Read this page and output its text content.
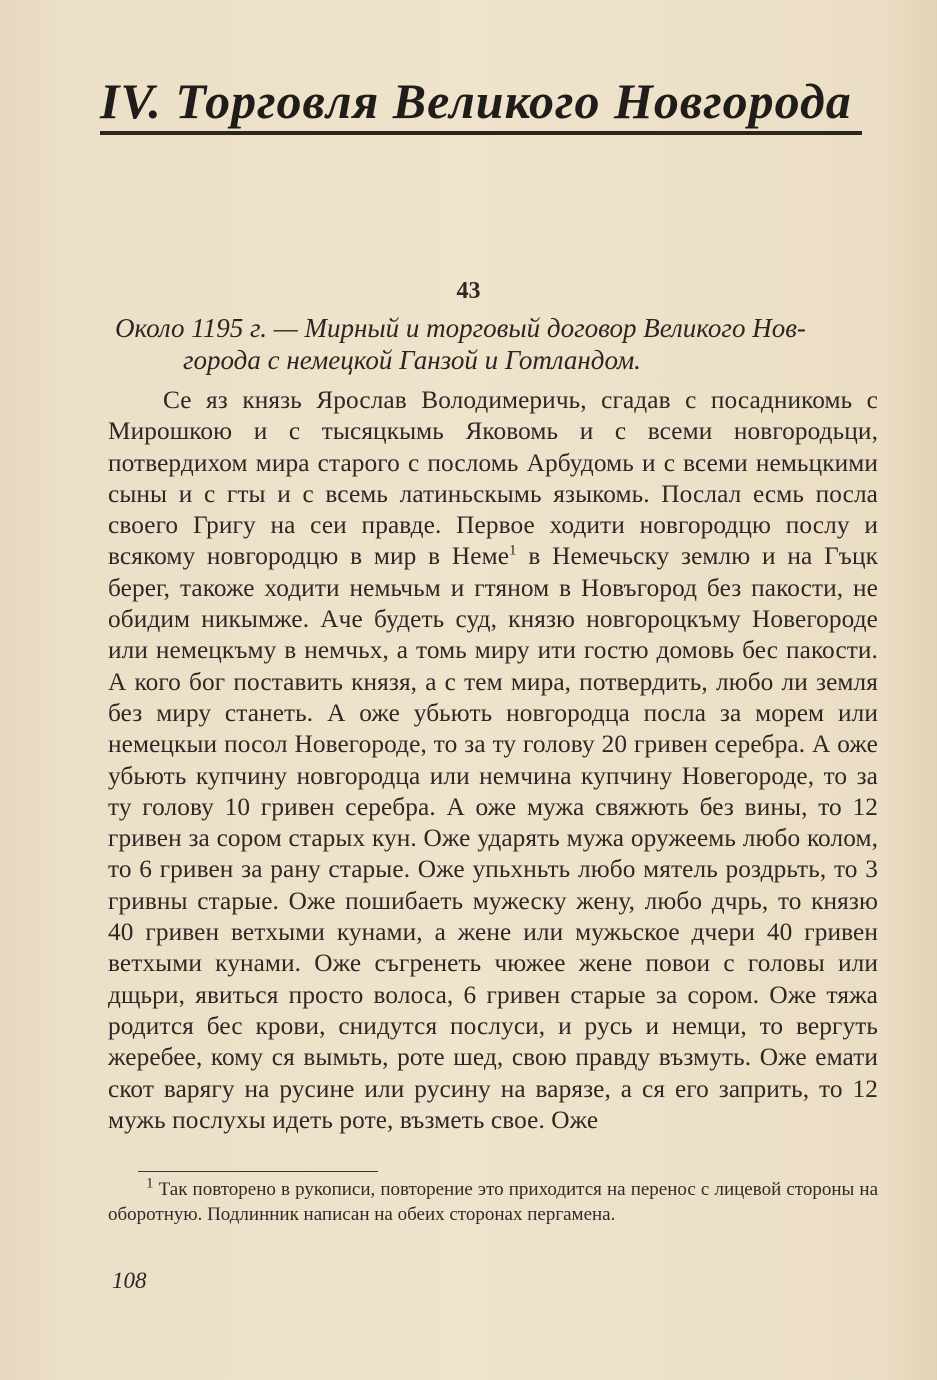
IV. Торговля Великого Новгорода
43
Около 1195 г. — Мирный и торговый договор Великого Нов-
города с немецкой Ганзой и Готландом.

Се яз князь Ярослав Володимеричь, сгадав с посадникомь с Мирошкою и с тысяцкымь Яковомь и с всеми новгородьци, потвердихом мира старого с посломь Арбудомь и с всеми немьцкими сыны и с гты и с всемь латиньскымь языкомь. Послал есмь посла своего Григу на сеи правде. Первое ходити новгородцю послу и всякому новгородцю в мир в Неме$^1$ в Немечьску землю и на Гъцк берег, такоже ходити немьчьм и гтяном в Новъгород без пакости, не обидим никымже. Аче будеть суд, князю новгороцкъму Новегороде или немецкъму в немчьх, а томь миру ити гостю домовь бес пакости. А кого бог поставить князя, а с тем мира, потвердить, любо ли земля без миру станеть. А оже убьють новгородца посла за морем или немецкыи посол Новегороде, то за ту голову 20 гривен серебра. А оже убьють купчину новгородца или немчина купчину Новегороде, то за ту голову 10 гривен серебра. А оже мужа свяжють без вины, то 12 гривен за сором старых кун. Оже ударять мужа оружеемь любо колом, то 6 гривен за рану старые. Оже упьхньть любо мятель роздрьть, то 3 гривны старые. Оже пошибаеть мужеску жену, любо дчрь, то князю 40 гривен ветхыми кунами, а жене или мужьское дчери 40 гривен ветхыми кунами. Оже съгренеть чюжее жене повои с головы или дщьри, явиться просто волоса, 6 гривен старые за сором. Оже тяжа родится бес крови, снидутся послуси, и русь и немци, то вергуть жеребее, кому ся вымьть, роте шед, свою правду възмуть. Оже емати скот варягу на русине или русину на варязе, а ся его заприть, то 12 мужь послухы идеть роте, възметь свое. Оже

$^1$ Так повторено в рукописи, повторение это приходится на перенос с лицевой стороны на оборотную. Подлинник написан на обеих сторонах пергамена.

108
